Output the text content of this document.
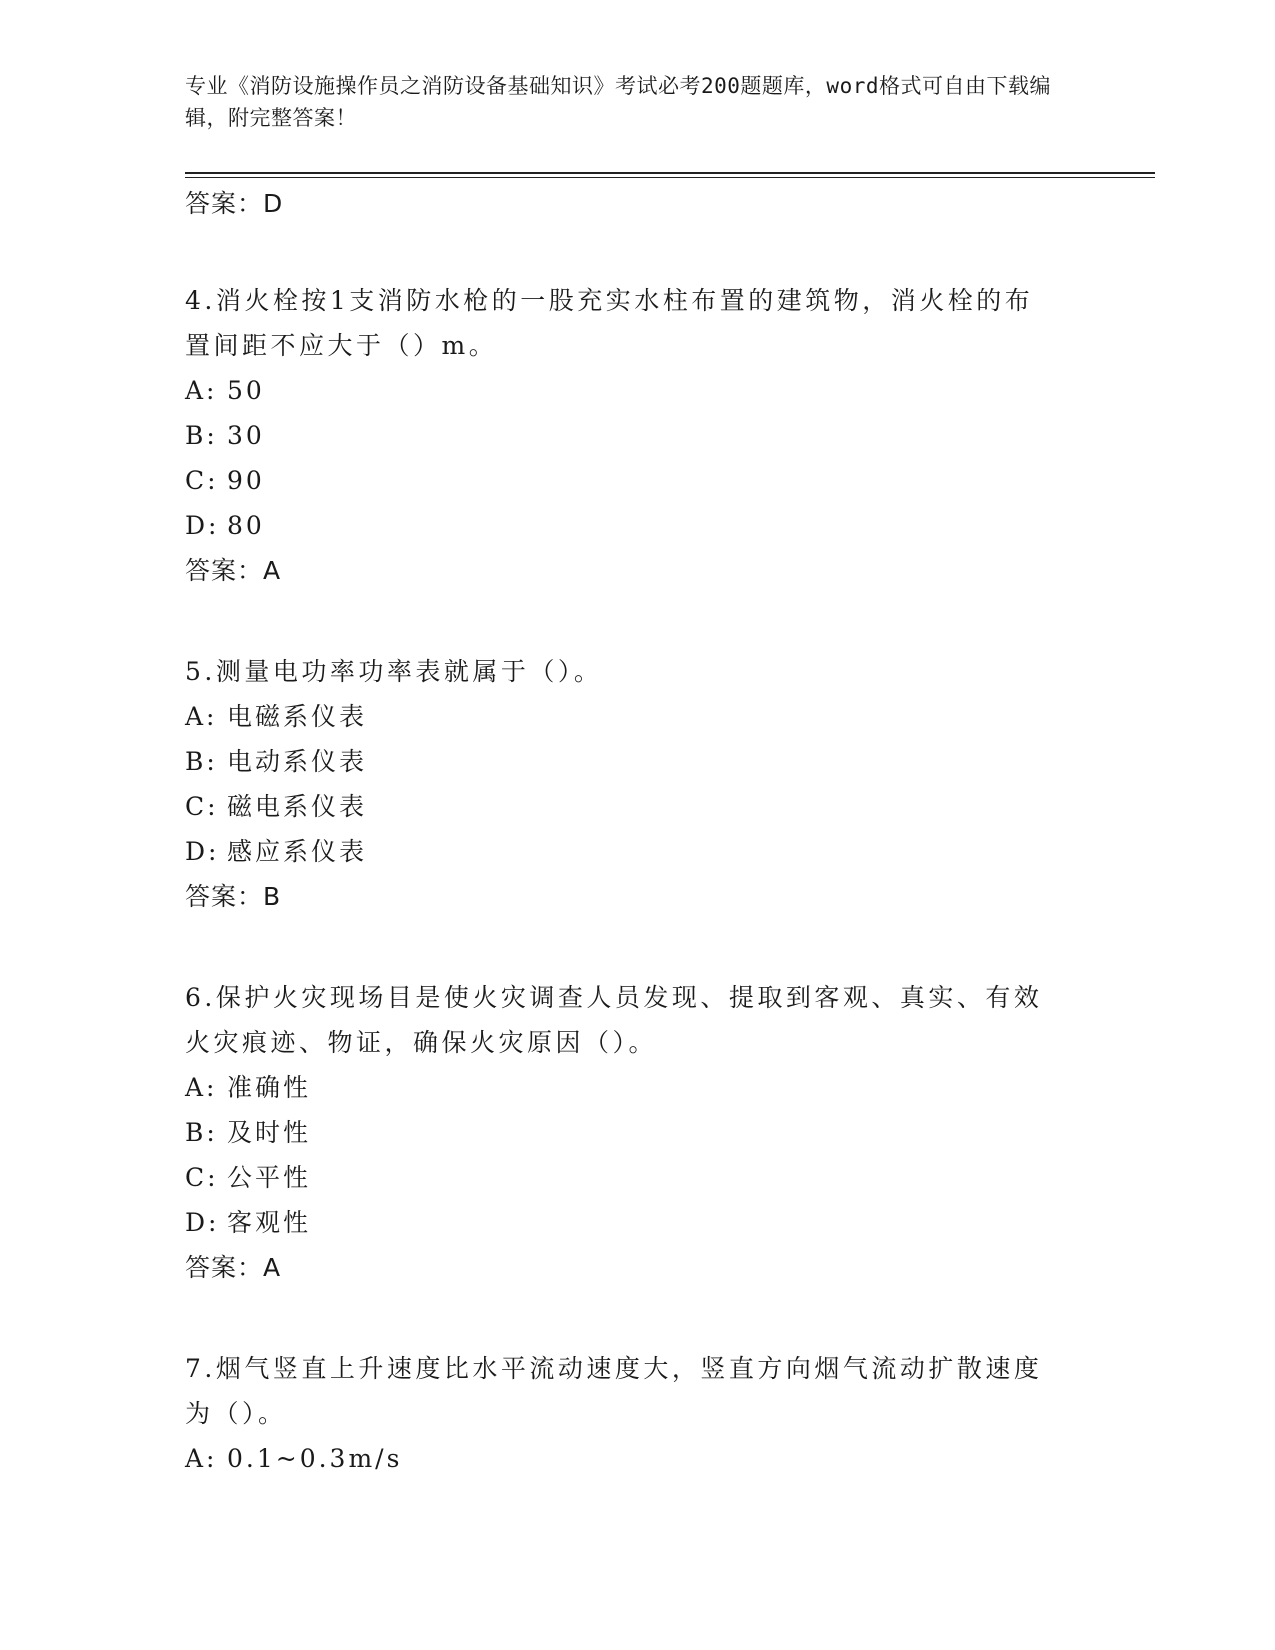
专业《消防设施操作员之消防设备基础知识》考试必考200题题库，word格式可自由下载编辑，附完整答案！
答案：D
4.消火栓按1支消防水枪的一股充实水柱布置的建筑物，消火栓的布置间距不应大于（）m。
A: 50
B: 30
C: 90
D: 80
答案：A
5.测量电功率功率表就属于（）。
A: 电磁系仪表
B: 电动系仪表
C: 磁电系仪表
D: 感应系仪表
答案：B
6.保护火灾现场目是使火灾调查人员发现、提取到客观、真实、有效火灾痕迹、物证，确保火灾原因（）。
A: 准确性
B: 及时性
C: 公平性
D: 客观性
答案：A
7.烟气竖直上升速度比水平流动速度大，竖直方向烟气流动扩散速度为（）。
A: 0.1~0.3m/s
